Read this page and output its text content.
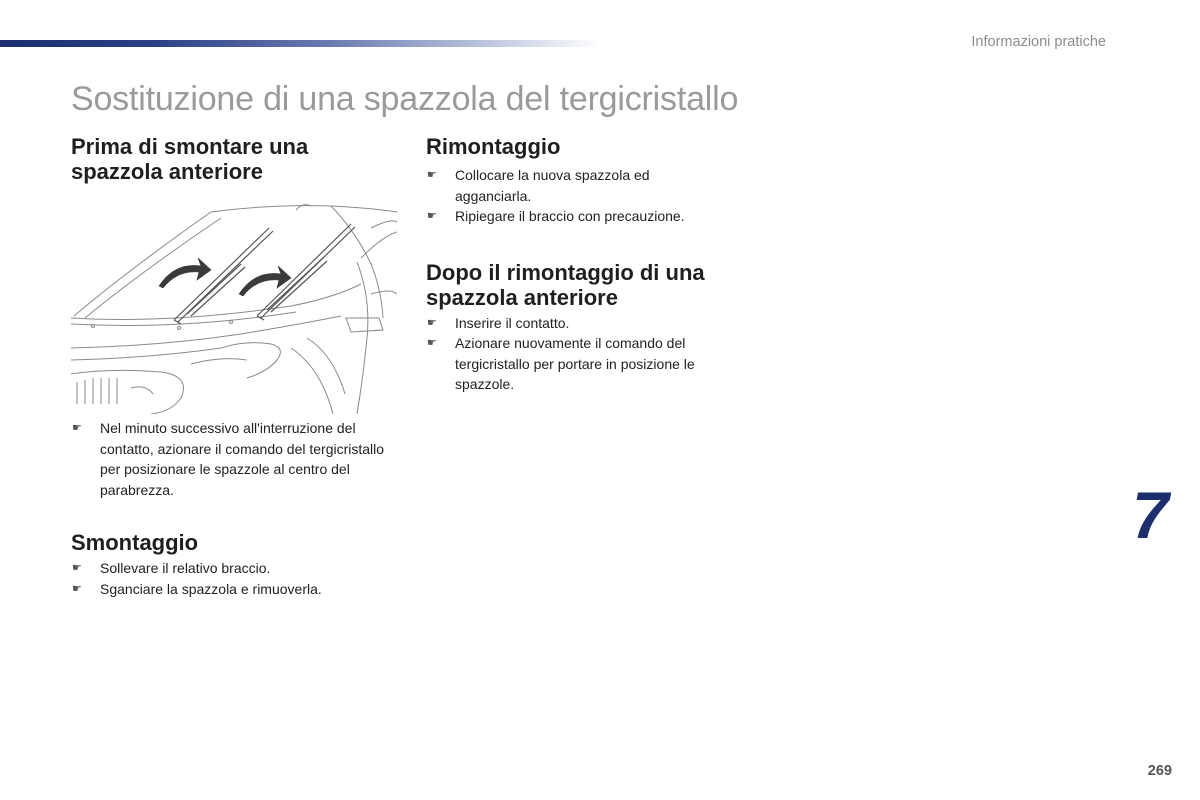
Informazioni pratiche
Sostituzione di una spazzola del tergicristallo
Prima di smontare una spazzola anteriore
☛ Nel minuto successivo all'interruzione del contatto, azionare il comando del tergicristallo per posizionare le spazzole al centro del parabrezza.
Smontaggio
☛ Sollevare il relativo braccio.
☛ Sganciare la spazzola e rimuoverla.
Rimontaggio
☛ Collocare la nuova spazzola ed agganciarla.
☛ Ripiegare il braccio con precauzione.
Dopo il rimontaggio di una spazzola anteriore
☛ Inserire il contatto.
☛ Azionare nuovamente il comando del tergicristallo per portare in posizione le spazzole.
7
269
